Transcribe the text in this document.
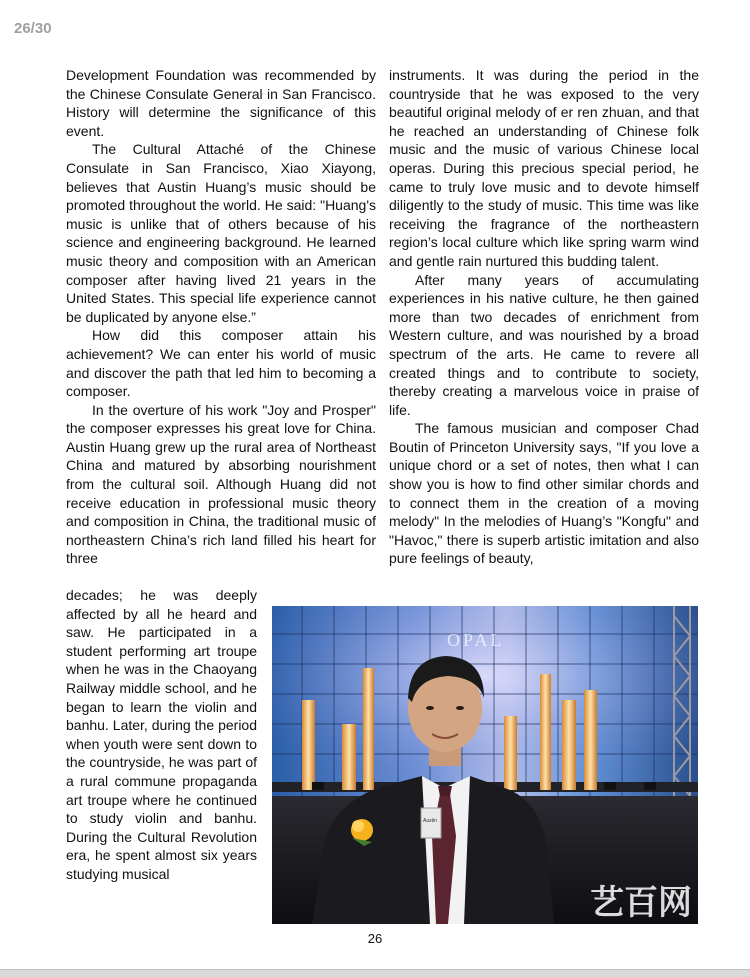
26/30

Development Foundation was recommended by the Chinese Consulate General in San Francisco. History will determine the significance of this event.

The Cultural Attaché of the Chinese Consulate in San Francisco, Xiao Xiayong, believes that Austin Huang’s music should be promoted throughout the world. He said: "Huang's music is unlike that of others because of his science and engineering background. He learned music theory and composition with an American composer after having lived 21 years in the United States. This special life experience cannot be duplicated by anyone else.”

How did this composer attain his achievement? We can enter his world of music and discover the path that led him to becoming a composer.

In the overture of his work "Joy and Prosper" the composer expresses his great love for China. Austin Huang grew up the rural area of Northeast China and matured by absorbing nourishment from the cultural soil. Although Huang did not receive education in professional music theory and composition in China, the traditional music of northeastern China’s rich land filled his heart for three

instruments. It was during the period in the countryside that he was exposed to the very beautiful original melody of er ren zhuan, and that he reached an understanding of Chinese folk music and the music of various Chinese local operas. During this precious special period, he came to truly love music and to devote himself diligently to the study of music. This time was like receiving the fragrance of the northeastern region’s local culture which like spring warm wind and gentle rain nurtured this budding talent.

After many years of accumulating experiences in his native culture, he then gained more than two decades of enrichment from Western culture, and was nourished by a broad spectrum of the arts. He came to revere all created things and to contribute to society, thereby creating a marvelous voice in praise of life.

The famous musician and composer Chad Boutin of Princeton University says, "If you love a unique chord or a set of notes, then what I can show you is how to find other similar chords and to connect them in the creation of a moving melody" In the melodies of Huang’s "Kongfu" and "Havoc," there is superb artistic imitation and also pure feelings of beauty,

decades; he was deeply affected by all he heard and saw. He participated in a student performing art troupe when he was in the Chaoyang Railway middle school, and he began to learn the violin and banhu. Later, during the period when youth were sent down to the countryside, he was part of a rural commune propaganda art troupe where he continued to study violin and banhu. During the Cultural Revolution era, he spent almost six years studying musical

OPAL
Austin
艺百网
26
